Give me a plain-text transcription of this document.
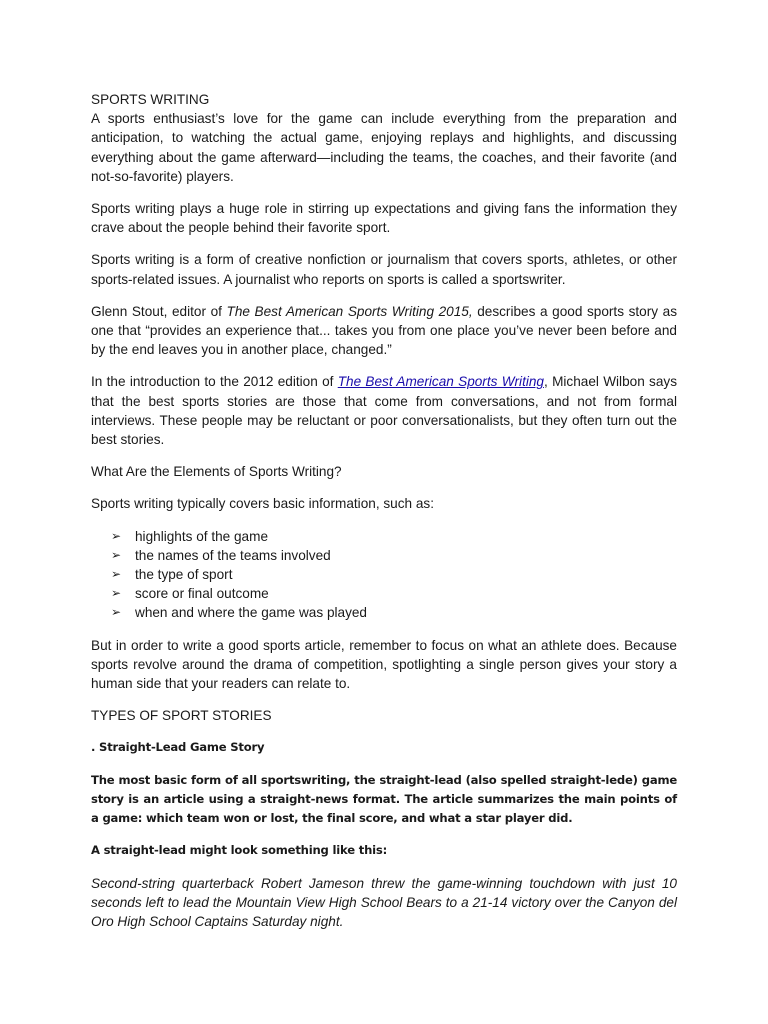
SPORTS WRITING

A sports enthusiast’s love for the game can include everything from the preparation and anticipation, to watching the actual game, enjoying replays and highlights, and discussing everything about the game afterward—including the teams, the coaches, and their favorite (and not-so-favorite) players.

Sports writing plays a huge role in stirring up expectations and giving fans the information they crave about the people behind their favorite sport.

Sports writing is a form of creative nonfiction or journalism that covers sports, athletes, or other sports-related issues. A journalist who reports on sports is called a sportswriter.

Glenn Stout, editor of The Best American Sports Writing 2015, describes a good sports story as one that “provides an experience that... takes you from one place you’ve never been before and by the end leaves you in another place, changed.”

In the introduction to the 2012 edition of The Best American Sports Writing, Michael Wilbon says that the best sports stories are those that come from conversations, and not from formal interviews. These people may be reluctant or poor conversationalists, but they often turn out the best stories.

What Are the Elements of Sports Writing?

Sports writing typically covers basic information, such as:

➢ highlights of the game
➢ the names of the teams involved
➢ the type of sport
➢ score or final outcome
➢ when and where the game was played

But in order to write a good sports article, remember to focus on what an athlete does. Because sports revolve around the drama of competition, spotlighting a single person gives your story a human side that your readers can relate to.

TYPES OF SPORT STORIES

. Straight-Lead Game Story

The most basic form of all sportswriting, the straight-lead (also spelled straight-lede) game story is an article using a straight-news format. The article summarizes the main points of a game: which team won or lost, the final score, and what a star player did.

A straight-lead might look something like this:

Second-string quarterback Robert Jameson threw the game-winning touchdown with just 10 seconds left to lead the Mountain View High School Bears to a 21-14 victory over the Canyon del Oro High School Captains Saturday night.
